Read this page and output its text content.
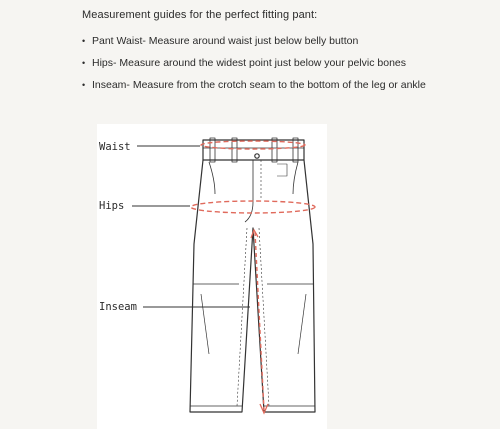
Measurement guides for the perfect fitting pant:

• Pant Waist- Measure around waist just below belly button
• Hips- Measure around the widest point just below your pelvic bones
• Inseam- Measure from the crotch seam to the bottom of the leg or ankle
Waist
Hips
Inseam
